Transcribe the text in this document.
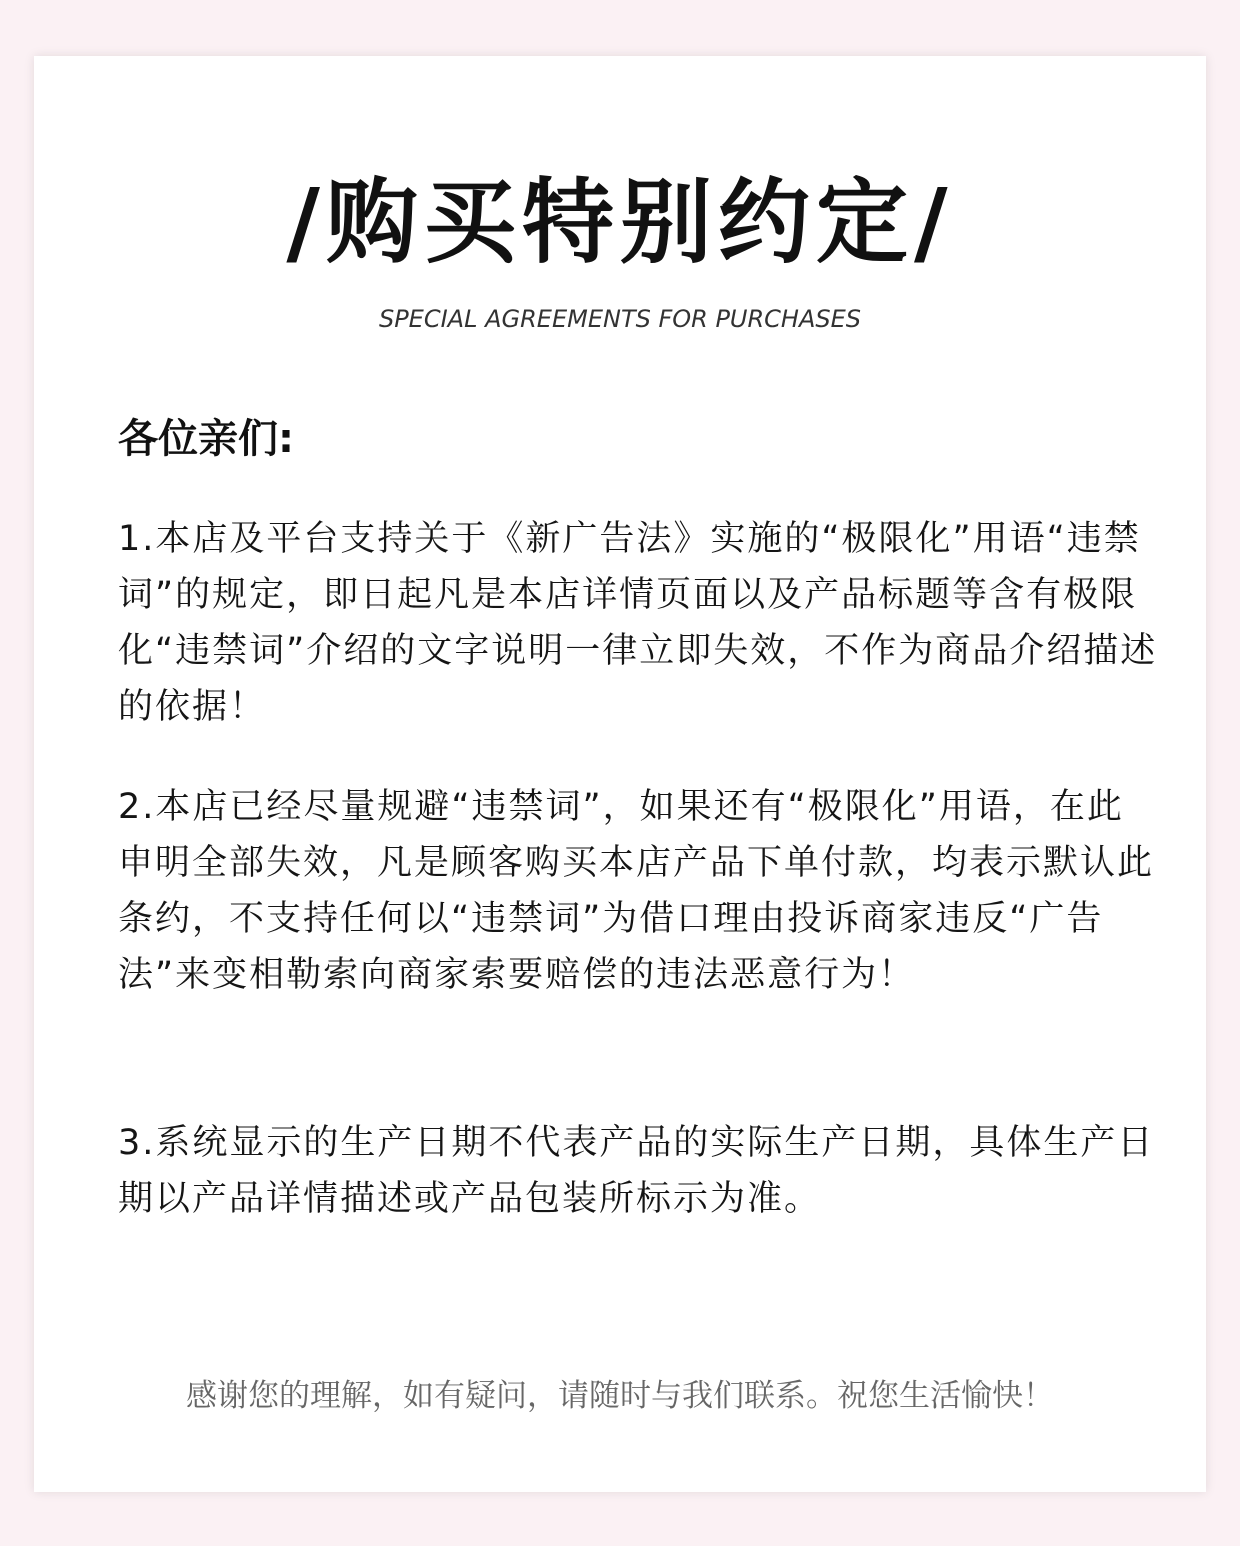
/购买特别约定/

SPECIAL AGREEMENTS FOR PURCHASES

各位亲们:

1.本店及平台支持关于《新广告法》实施的“极限化”用语“违禁词”的规定，即日起凡是本店详情页面以及产品标题等含有极限化“违禁词”介绍的文字说明一律立即失效，不作为商品介绍描述的依据！

2.本店已经尽量规避“违禁词”，如果还有“极限化”用语，在此申明全部失效，凡是顾客购买本店产品下单付款，均表示默认此条约，不支持任何以“违禁词”为借口理由投诉商家违反“广告法”来变相勒索向商家索要赔偿的违法恶意行为！

3.系统显示的生产日期不代表产品的实际生产日期，具体生产日期以产品详情描述或产品包装所标示为准。

感谢您的理解，如有疑问，请随时与我们联系。祝您生活愉快！
